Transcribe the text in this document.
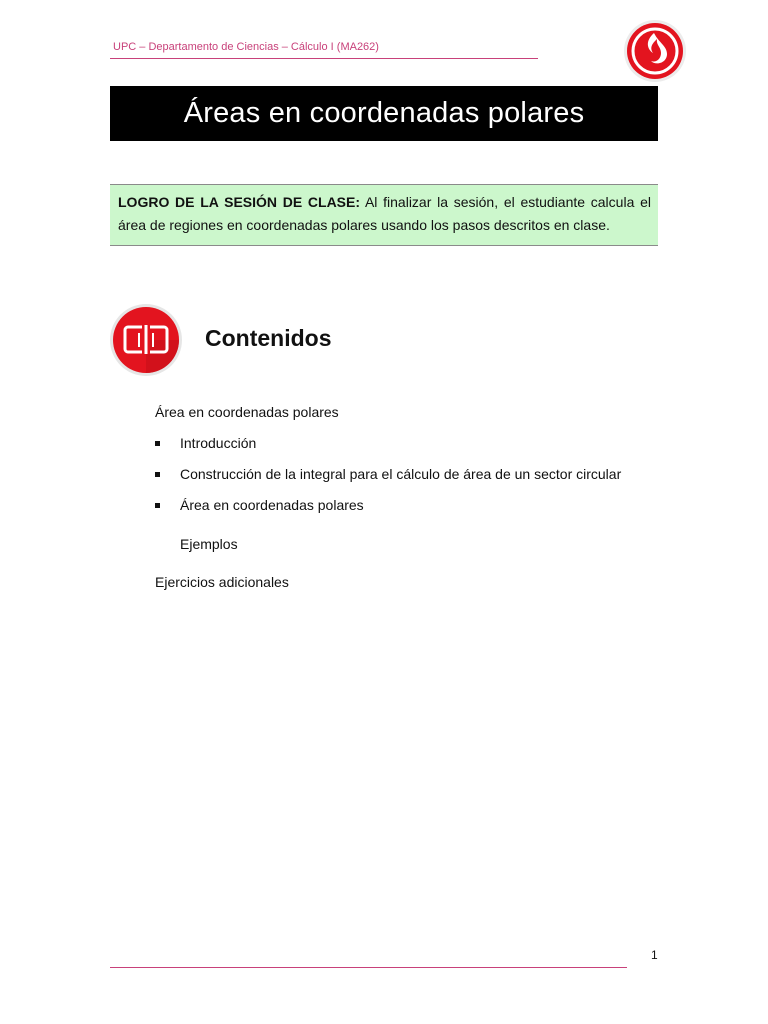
UPC – Departamento de Ciencias – Cálculo I (MA262)
Áreas en coordenadas polares
LOGRO DE LA SESIÓN DE CLASE: Al finalizar la sesión, el estudiante calcula el área de regiones en coordenadas polares usando los pasos descritos en clase.
Contenidos
Área en coordenadas polares
Introducción
Construcción de la integral para el cálculo de área de un sector circular
Área en coordenadas polares
Ejemplos
Ejercicios adicionales
1
